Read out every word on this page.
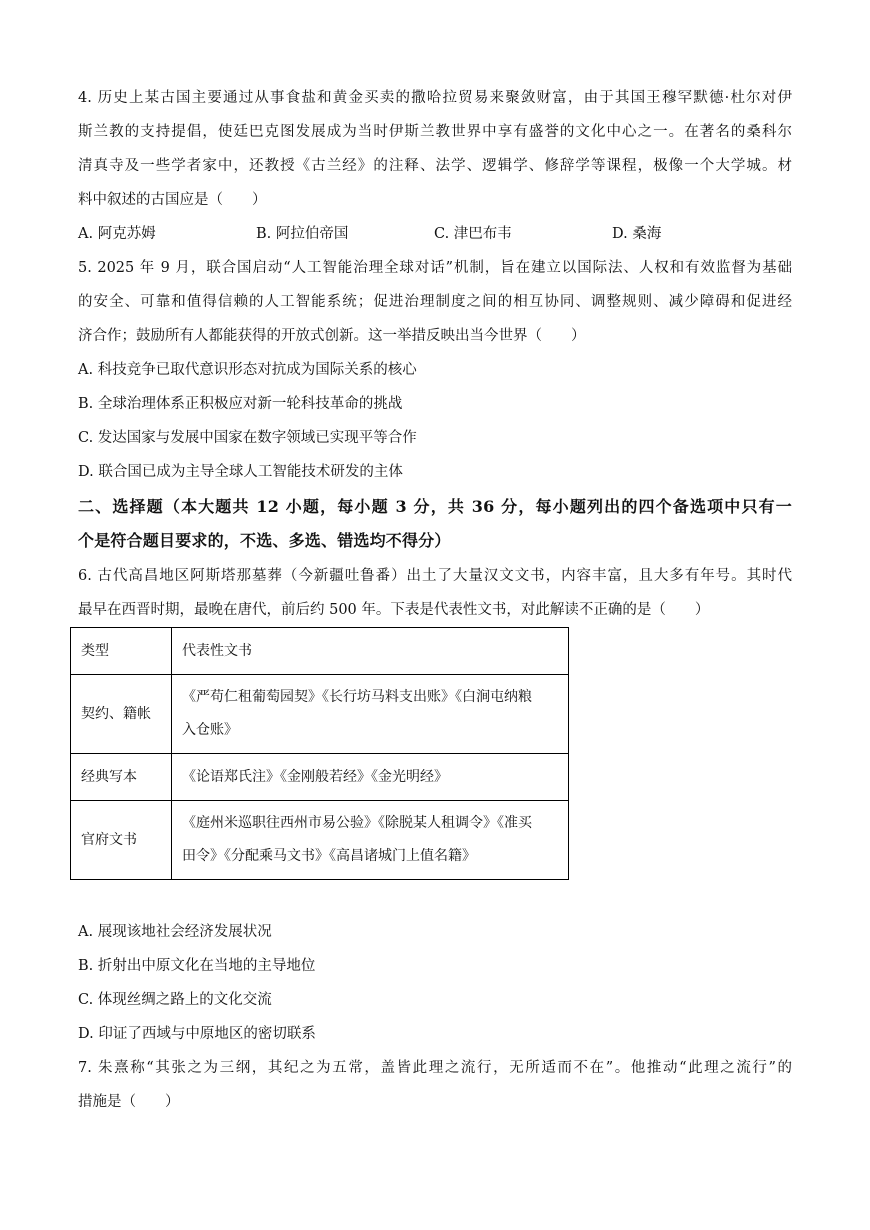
4. 历史上某古国主要通过从事食盐和黄金买卖的撒哈拉贸易来聚敛财富，由于其国王穆罕默德·杜尔对伊
斯兰教的支持提倡，使廷巴克图发展成为当时伊斯兰教世界中享有盛誉的文化中心之一。在著名的桑科尔
清真寺及一些学者家中，还教授《古兰经》的注释、法学、逻辑学、修辞学等课程，极像一个大学城。材
料中叙述的古国应是（　　）
A. 阿克苏姆	B. 阿拉伯帝国	C. 津巴布韦	D. 桑海
5. 2025 年 9 月，联合国启动“人工智能治理全球对话”机制，旨在建立以国际法、人权和有效监督为基础
的安全、可靠和值得信赖的人工智能系统；促进治理制度之间的相互协同、调整规则、减少障碍和促进经
济合作；鼓励所有人都能获得的开放式创新。这一举措反映出当今世界（　　）
A. 科技竞争已取代意识形态对抗成为国际关系的核心
B. 全球治理体系正积极应对新一轮科技革命的挑战
C. 发达国家与发展中国家在数字领域已实现平等合作
D. 联合国已成为主导全球人工智能技术研发的主体
二、选择题（本大题共 12 小题，每小题 3 分，共 36 分，每小题列出的四个备选项中只有一
个是符合题目要求的，不选、多选、错选均不得分）
6. 古代高昌地区阿斯塔那墓葬（今新疆吐鲁番）出土了大量汉文文书，内容丰富，且大多有年号。其时代
最早在西晋时期，最晚在唐代，前后约 500 年。下表是代表性文书，对此解读不正确的是（　　）
类型	代表性文书
契约、籍帐	《严苟仁租葡萄园契》《长行坊马料支出账》《白涧屯纳粮
入仓账》

经典写本	《论语郑氏注》《金刚般若经》《金光明经》
官府文书	《庭州米巡职往西州市易公验》《除脱某人租调令》《准买
田令》《分配乘马文书》《高昌诸城门上值名籍》
A. 展现该地社会经济发展状况
B. 折射出中原文化在当地的主导地位
C. 体现丝绸之路上的文化交流
D. 印证了西域与中原地区的密切联系
7. 朱熹称“其张之为三纲，其纪之为五常，盖皆此理之流行，无所适而不在”。他推动“此理之流行”的
措施是（　　）
